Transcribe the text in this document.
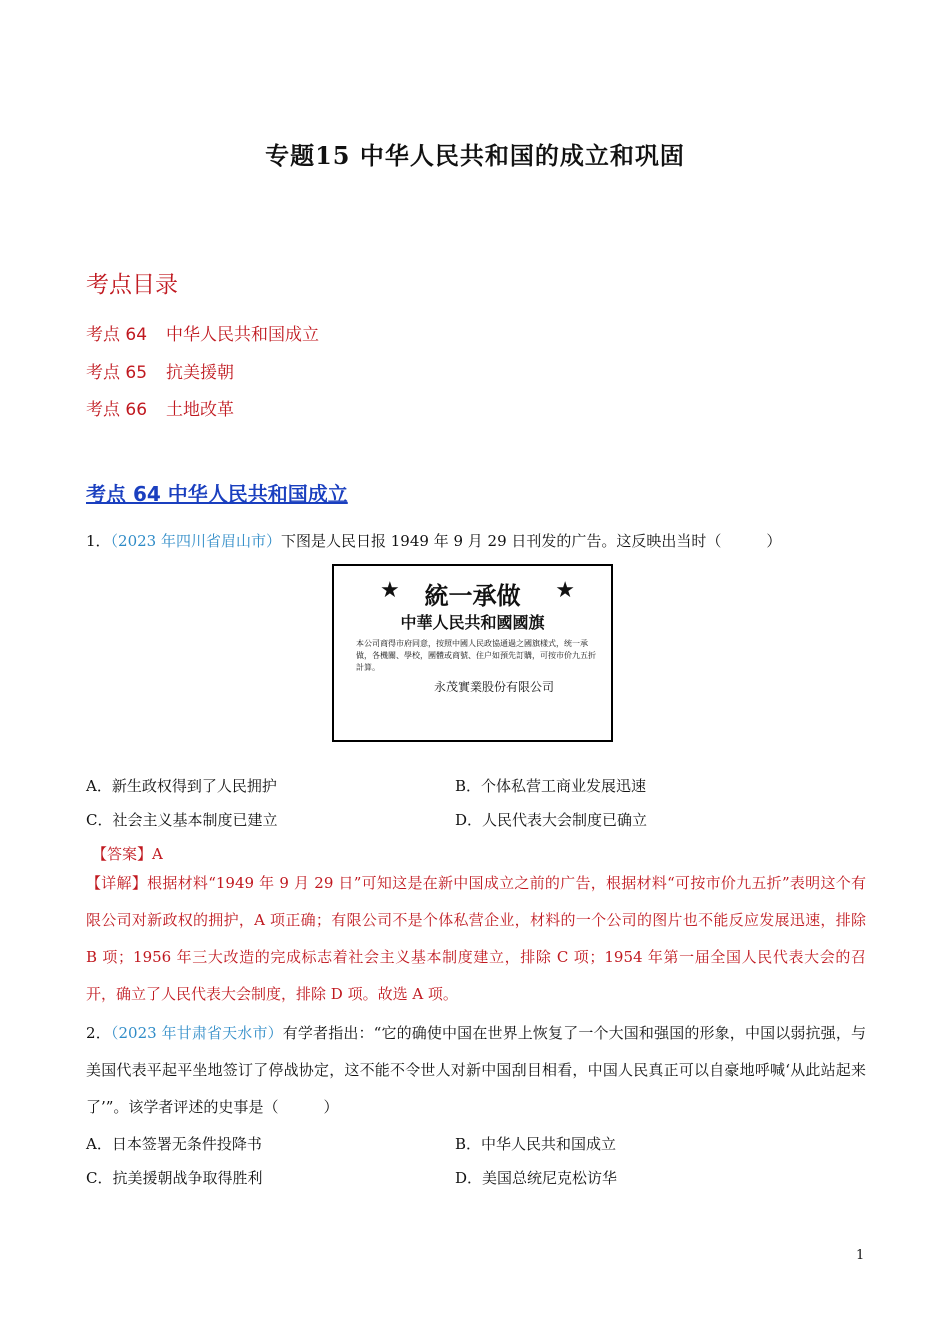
专题15 中华人民共和国的成立和巩固
考点目录
考点 64 中华人民共和国成立
考点 65 抗美援朝
考点 66 土地改革
考点 64 中华人民共和国成立
1．（2023 年四川省眉山市）下图是人民日报 1949 年 9 月 29 日刊发的广告。这反映出当时（　　　）
★ 統一承做 ★
中華人民共和國國旗
本公司商得市府同意，按照中國人民政協通過之國旗樣式，统一承做，各機關、學校，團體或商號、住户如預先訂購，可按市价九五折計算。
永茂實業股份有限公司
A．新生政权得到了人民拥护	B．个体私营工商业发展迅速
C．社会主义基本制度已建立	D．人民代表大会制度已确立
【答案】A
【详解】根据材料“1949 年 9 月 29 日”可知这是在新中国成立之前的广告，根据材料“可按市价九五折”表明这个有限公司对新政权的拥护，A 项正确；有限公司不是个体私营企业，材料的一个公司的图片也不能反应发展迅速，排除 B 项；1956 年三大改造的完成标志着社会主义基本制度建立，排除 C 项；1954 年第一届全国人民代表大会的召开，确立了人民代表大会制度，排除 D 项。故选 A 项。
2．（2023 年甘肃省天水市）有学者指出：“它的确使中国在世界上恢复了一个大国和强国的形象，中国以弱抗强，与美国代表平起平坐地签订了停战协定，这不能不令世人对新中国刮目相看，中国人民真正可以自豪地呼喊‘从此站起来了’”。该学者评述的史事是（　　　）
A．日本签署无条件投降书	B．中华人民共和国成立
C．抗美援朝战争取得胜利	D．美国总统尼克松访华
1
